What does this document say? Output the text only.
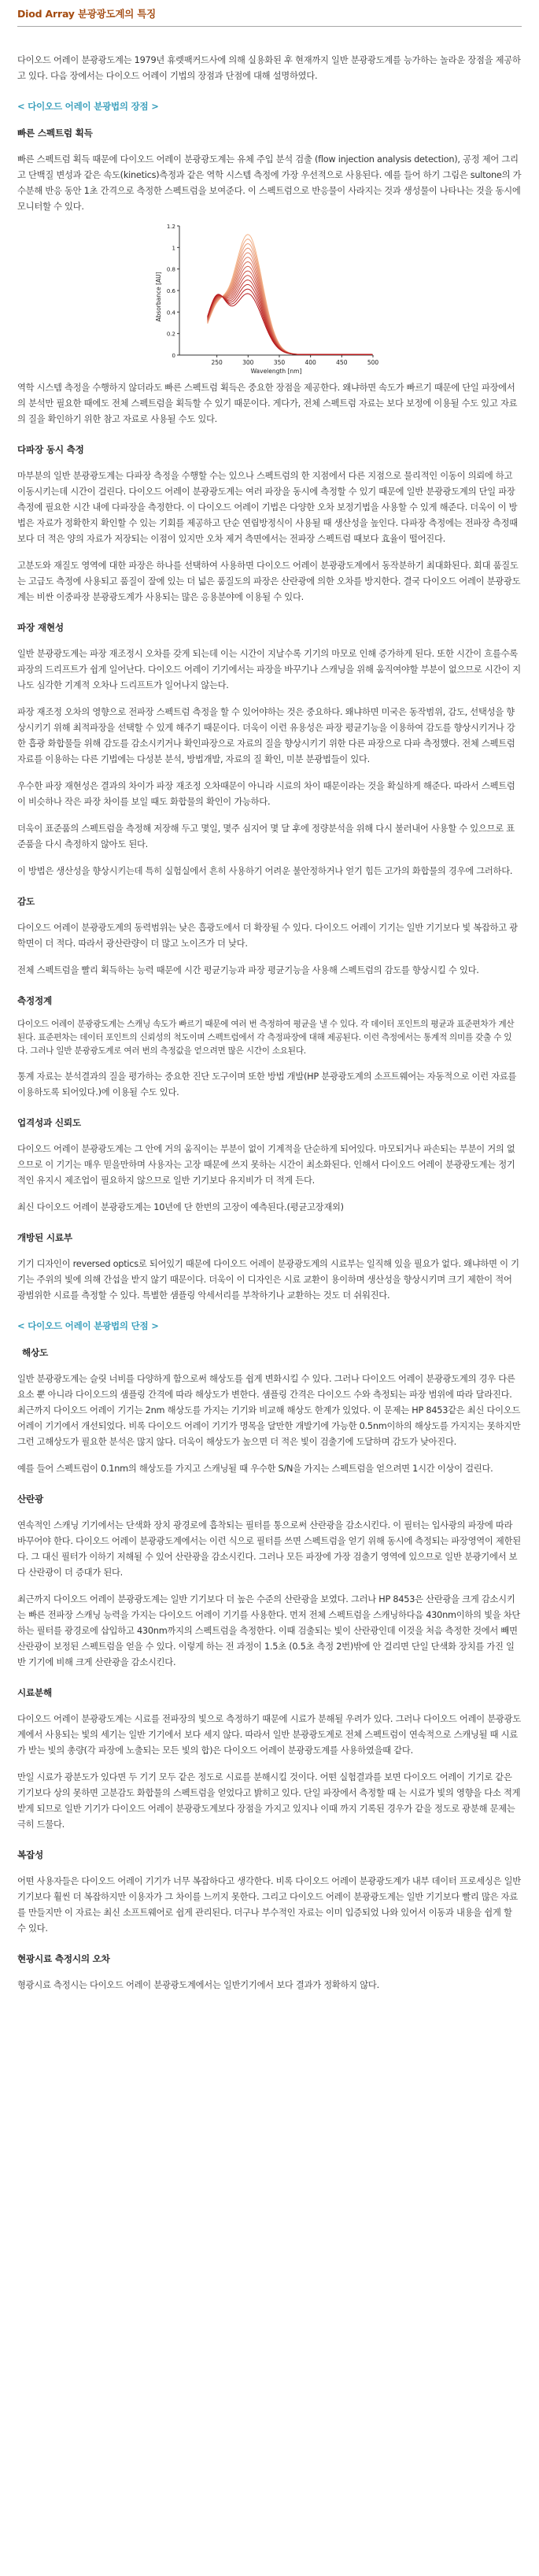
Diod Array 분광광도계의 특징

다이오드 어레이 분광광도계는 1979년 휴렛팩커드사에 의해 실용화된 후 현재까지 일반 분광광도계를 능가하는 놀라운 장점을 제공하고 있다. 다음 장에서는 다이오드 어레이 기법의 장점과 단점에 대해 설명하였다.

< 다이오드 어레이 분광법의 장점 >

빠른 스펙트럼 획득

빠른 스펙트럼 획득 때문에 다이오드 어레이 분광광도계는 유체 주입 분석 검출 (flow injection analysis detection), 공정 제어 그리고 단백질 변성과 같은 속도(kinetics)측정과 같은 역학 시스템 측정에 가장 우선적으로 사용된다. 예를 들어 하기 그림은 sultone의 가수분해 반응 동안 1초 간격으로 측정한 스펙트럼을 보여준다. 이 스펙트럼으로 반응물이 사라지는 것과 생성물이 나타나는 것을 동시에 모니터할 수 있다.

0
0.2
0.4
0.6
0.8
1
1.2
250	300	350	400	450	500
Wavelength [nm]
Absorbance [AU]

역학 시스템 측정을 수행하지 않더라도 빠른 스펙트럼 획득은 중요한 장점을 제공한다. 왜냐하면 속도가 빠르기 때문에 단일 파장에서의 분석만 필요한 때에도 전체 스펙트럼을 획득할 수 있기 때문이다. 게다가, 전체 스펙트럼 자료는 보다 보정에 이용될 수도 있고 자료의 질을 확인하기 위한 참고 자료로 사용될 수도 있다.

다파장 동시 측정

마부분의 일반 분광광도계는 다파장 측정을 수행할 수는 있으나 스펙트럼의 한 지점에서 다른 지점으로 물리적인 이동이 의뢰에 하고 이동시키는데 시간이 걸린다. 다이오드 어레이 분광광도계는 여러 파장을 동시에 측정할 수 있기 때문에 일반 분광광도계의 단일 파장 측정에 필요한 시간 내에 다파장을 측정한다. 이 다이오드 어레이 기법은 다양한 오차 보정기법을 사용할 수 있게 해준다. 더욱이 이 방법은 자료가 정확한지 확인할 수 있는 기회를 제공하고 단순 연립방정식이 사용될 때 생산성을 높인다. 다파장 측정에는 전파장 측정때보다 더 적은 양의 자료가 저장되는 이점이 있지만 오차 제거 측면에서는 전파장 스펙트럼 때보다 효율이 떨어진다.

고분도와 재질도 영역에 대한 파장은 하나를 선택하여 사용하면 다이오드 어레이 분광광도계에서 동작분하기 최대화된다. 회대 품질도는 고급도 측정에 사용되고 품질이 잘에 있는 더 넓은 품질도의 파장은 산란광에 의한 오차를 방지한다. 결국 다이오드 어레이 분광광도계는 비싼 이중파장 분광광도계가 사용되는 많은 응용분야에 이용될 수 있다.

파장 재현성

일반 분광광도계는 파장 재조정시 오차를 갖게 되는데 이는 시간이 지날수록 기기의 마모로 인해 증가하게 된다. 또한 시간이 흐를수록 파장의 드리프트가 쉽게 일어난다. 다이오드 어레이 기기에서는 파장을 바꾸기나 스캐닝을 위해 움직여야할 부분이 없으므로 시간이 지나도 심각한 기계적 오차나 드리프트가 일어나지 않는다.

파장 재조정 오차의 영향으로 전파장 스펙트럼 측정을 할 수 있어야하는 것은 중요하다. 왜냐하면 미국은 동작범위, 감도, 선택성을 향상시키기 위해 최적파장을 선택할 수 있게 해주기 때문이다. 더욱이 이런 유용성은 파장 평균기능을 이용하여 감도를 향상시키거나 강한 흡광 화합물들 위해 감도를 감소시키거나 확인파장으로 자료의 질을 향상시키기 위한 다른 파장으로 다파 측정했다. 전체 스펙트럼 자료를 이용하는 다른 기법에는 다성분 분석, 방법개발, 자료의 질 확인, 미분 분광법들이 있다.

우수한 파장 재현성은 결과의 차이가 파장 재조정 오차때문이 아니라 시료의 차이 때문이라는 것을 확실하게 해준다. 따라서 스펙트럼이 비슷하나 작은 파장 차이를 보일 때도 화합물의 확인이 가능하다.

더욱이 표준품의 스펙트럼을 측정해 저장해 두고 몇일, 몇주 심지어 몇 달 후에 정량분석을 위해 다시 불러내어 사용할 수 있으므로 표준품을 다시 측정하지 않아도 된다.

이 방법은 생산성을 향상시키는데 특히 실험실에서 흔히 사용하기 어려운 불안정하거나 얻기 힘든 고가의 화합물의 경우에 그러하다.

감도

다이오드 어레이 분광광도계의 동력범위는 낮은 흡광도에서 더 확장될 수 있다. 다이오드 어레이 기기는 일반 기기보다 빛 복잡하고 광학면이 더 적다. 따라서 광산란량이 더 많고 노이즈가 더 낮다.

전체 스펙트럼을 빨리 획득하는 능력 때문에 시간 평균기능과 파장 평균기능을 사용해 스펙트럼의 감도를 향상시킬 수 있다.

측정정계

다이오드 어레이 분광광도계는 스캐닝 속도가 빠르기 때문에 여러 번 측정하여 평균을 낼 수 있다. 각 데이터 포인트의 평균과 표준편차가 계산된다. 표준편차는 데이터 포인트의 신뢰성의 척도이며 스펙트럼에서 각 측정파장에 대해 제공된다. 이런 측정에서는 통계적 의미를 갖출 수 있다. 그러나 일반 분광광도계로 여러 번의 측정값을 얻으려면 많은 시간이 소요된다.

통계 자료는 분석결과의 질을 평가하는 중요한 진단 도구이며 또한 방법 개발(HP 분광광도계의 소프트웨어는 자동적으로 이런 자료를 이용하도록 되어있다.)에 이용될 수도 있다.

업격성과 신뢰도

다이오드 어레이 분광광도계는 그 안에 거의 움직이는 부분이 없이 기계적을 단순하게 되어있다. 마모되거나 파손되는 부분이 거의 없으므로 이 기기는 매우 믿을만하며 사용자는 고장 때문에 쓰지 못하는 시간이 최소화된다. 인해서 다이오드 어레이 분광광도계는 정기적인 유지시 제조업이 필요하지 않으므로 일반 기기보다 유지비가 더 적게 든다.

최신 다이오드 어레이 분광광도계는 10년에 단 한번의 고장이 예측된다.(평균고장재외)

개방된 시료부

기기 디자인이 reversed optics로 되어있기 때문에 다이오드 어레이 분광광도계의 시료부는 일직해 있을 필요가 없다. 왜냐하면 이 기기는 주위의 빛에 의해 간섭을 받지 않기 때문이다. 더욱이 이 디자인은 시료 교환이 용이하며 생산성을 향상시키며 크기 제한이 적어 광범위한 시료를 측정할 수 있다. 특별한 샘플링 악세서리를 부착하기나 교환하는 것도 더 쉬워진다.

< 다이오드 어레이 분광법의 단점 >

해상도

일반 분광광도계는 슬릿 너비를 다양하게 함으로써 해상도를 쉽게 변화시킬 수 있다. 그러나 다이오드 어레이 분광광도계의 경우 다른 요소 뿐 아니라 다이오드의 샘플링 간격에 따라 해상도가 변한다. 샘플링 간격은 다이오드 수와 측정되는 파장 범위에 따라 달라진다. 최근까지 다이오드 어레이 기기는 2nm 해상도를 가지는 기기와 비교해 해상도 한계가 있었다. 이 문제는 HP 8453같은 최신 다이오드 어레이 기기에서 개선되었다. 비록 다이오드 어레이 기기가 명목을 달만한 개발기에 가능한 0.5nm이하의 해상도를 가지지는 못하지만 그런 고해상도가 필요한 분석은 많지 않다. 더욱이 해상도가 높으면 더 적은 빛이 검출기에 도달하며 감도가 낮아진다.

예를 들어 스펙트럼이 0.1nm의 해상도를 가지고 스캐닝될 때 우수한 S/N을 가지는 스펙트럼을 얻으려면 1시간 이상이 걸린다.

산란광

연속적인 스캐닝 기기에서는 단색화 장치 광경로에 흡착되는 필터를 통으로써 산란광을 감소시킨다. 이 필터는 입사광의 파장에 따라 바꾸어야 한다. 다이오드 어레이 분광광도계에서는 이런 식으로 필터를 쓰면 스펙트럼을 얻기 위해 동시에 측정되는 파장영역이 제한된다. 그 대신 필터가 이하기 저해될 수 있어 산란광을 감소시킨다. 그러나 모든 파장에 가장 검출기 영역에 있으므로 일반 분광기에서 보다 산란광이 더 증대가 된다.

최근까지 다이오드 어레이 분광광도계는 일반 기기보다 더 높은 수준의 산란광을 보였다. 그러나 HP 8453은 산란광을 크게 감소시키는 빠른 전파장 스캐닝 능력을 가지는 다이오드 어레이 기기를 사용한다. 먼저 전체 스펙트럼을 스캐닝하다음 430nm이하의 빛을 차단하는 필터를 광경로에 삽입하고 430nm까지의 스펙트럼을 측정한다. 이때 검출되는 빛이 산란광인데 이것을 처음 측정한 것에서 빼면 산란광이 보정된 스펙트럼을 얻을 수 있다. 이렇게 하는 전 과정이 1.5초 (0.5초 측정 2번)밖에 안 걸리면 단일 단색화 장치를 가진 일반 기기에 비해 크게 산란광을 감소시킨다.

시료분해

다이오드 어레이 분광광도계는 시료를 전파장의 빛으로 측정하기 때문에 시료가 분해될 우려가 있다. 그러나 다이오드 어레이 분광광도계에서 사용되는 빛의 세기는 일반 기기에서 보다 세지 않다. 따라서 일반 분광광도계로 전체 스펙트럼이 연속적으로 스캐닝될 때 시료가 받는 빛의 총량(각 파장에 노출되는 모든 빛의 합)은 다이오드 어레이 분광광도계를 사용하였을때 같다.

만일 시료가 광분도가 있다면 두 기기 모두 같은 정도로 시료를 분해시킬 것이다. 어떤 실험결과를 보면 다이오드 어레이 기기로 같은 기기보다 상의 못하면 고분감도 화합물의 스펙트럼을 얻었다고 밝히고 있다. 단일 파장에서 측정할 때 는 시료가 빛의 영향을 다소 적게 받게 되므로 일반 기기가 다이오드 어레이 분광광도계보다 장점을 가지고 있지나 이때 까지 기록된 경우가 같을 정도로 광분해 문제는 극히 드물다.

복잡성

어떤 사용자들은 다이오드 어레이 기기가 너무 복잡하다고 생각한다. 비록 다이오드 어레이 분광광도계가 내부 데이터 프로세싱은 일반기기보다 훨씬 더 복잡하지만 이용자가 그 차이를 느끼지 못한다. 그리고 다이오드 어레이 분광광도계는 일반 기기보다 빨리 많은 자료를 만들지만 이 자료는 최신 소프트웨어로 쉽게 관리된다. 더구나 부수적인 자료는 이미 입증되었 나와 있어서 이동과 내용을 쉽게 할 수 있다.

현광시료 측정시의 오차

형광시료 측정시는 다이오드 어레이 분광광도계에서는 일반기기에서 보다 결과가 정확하지 않다.
